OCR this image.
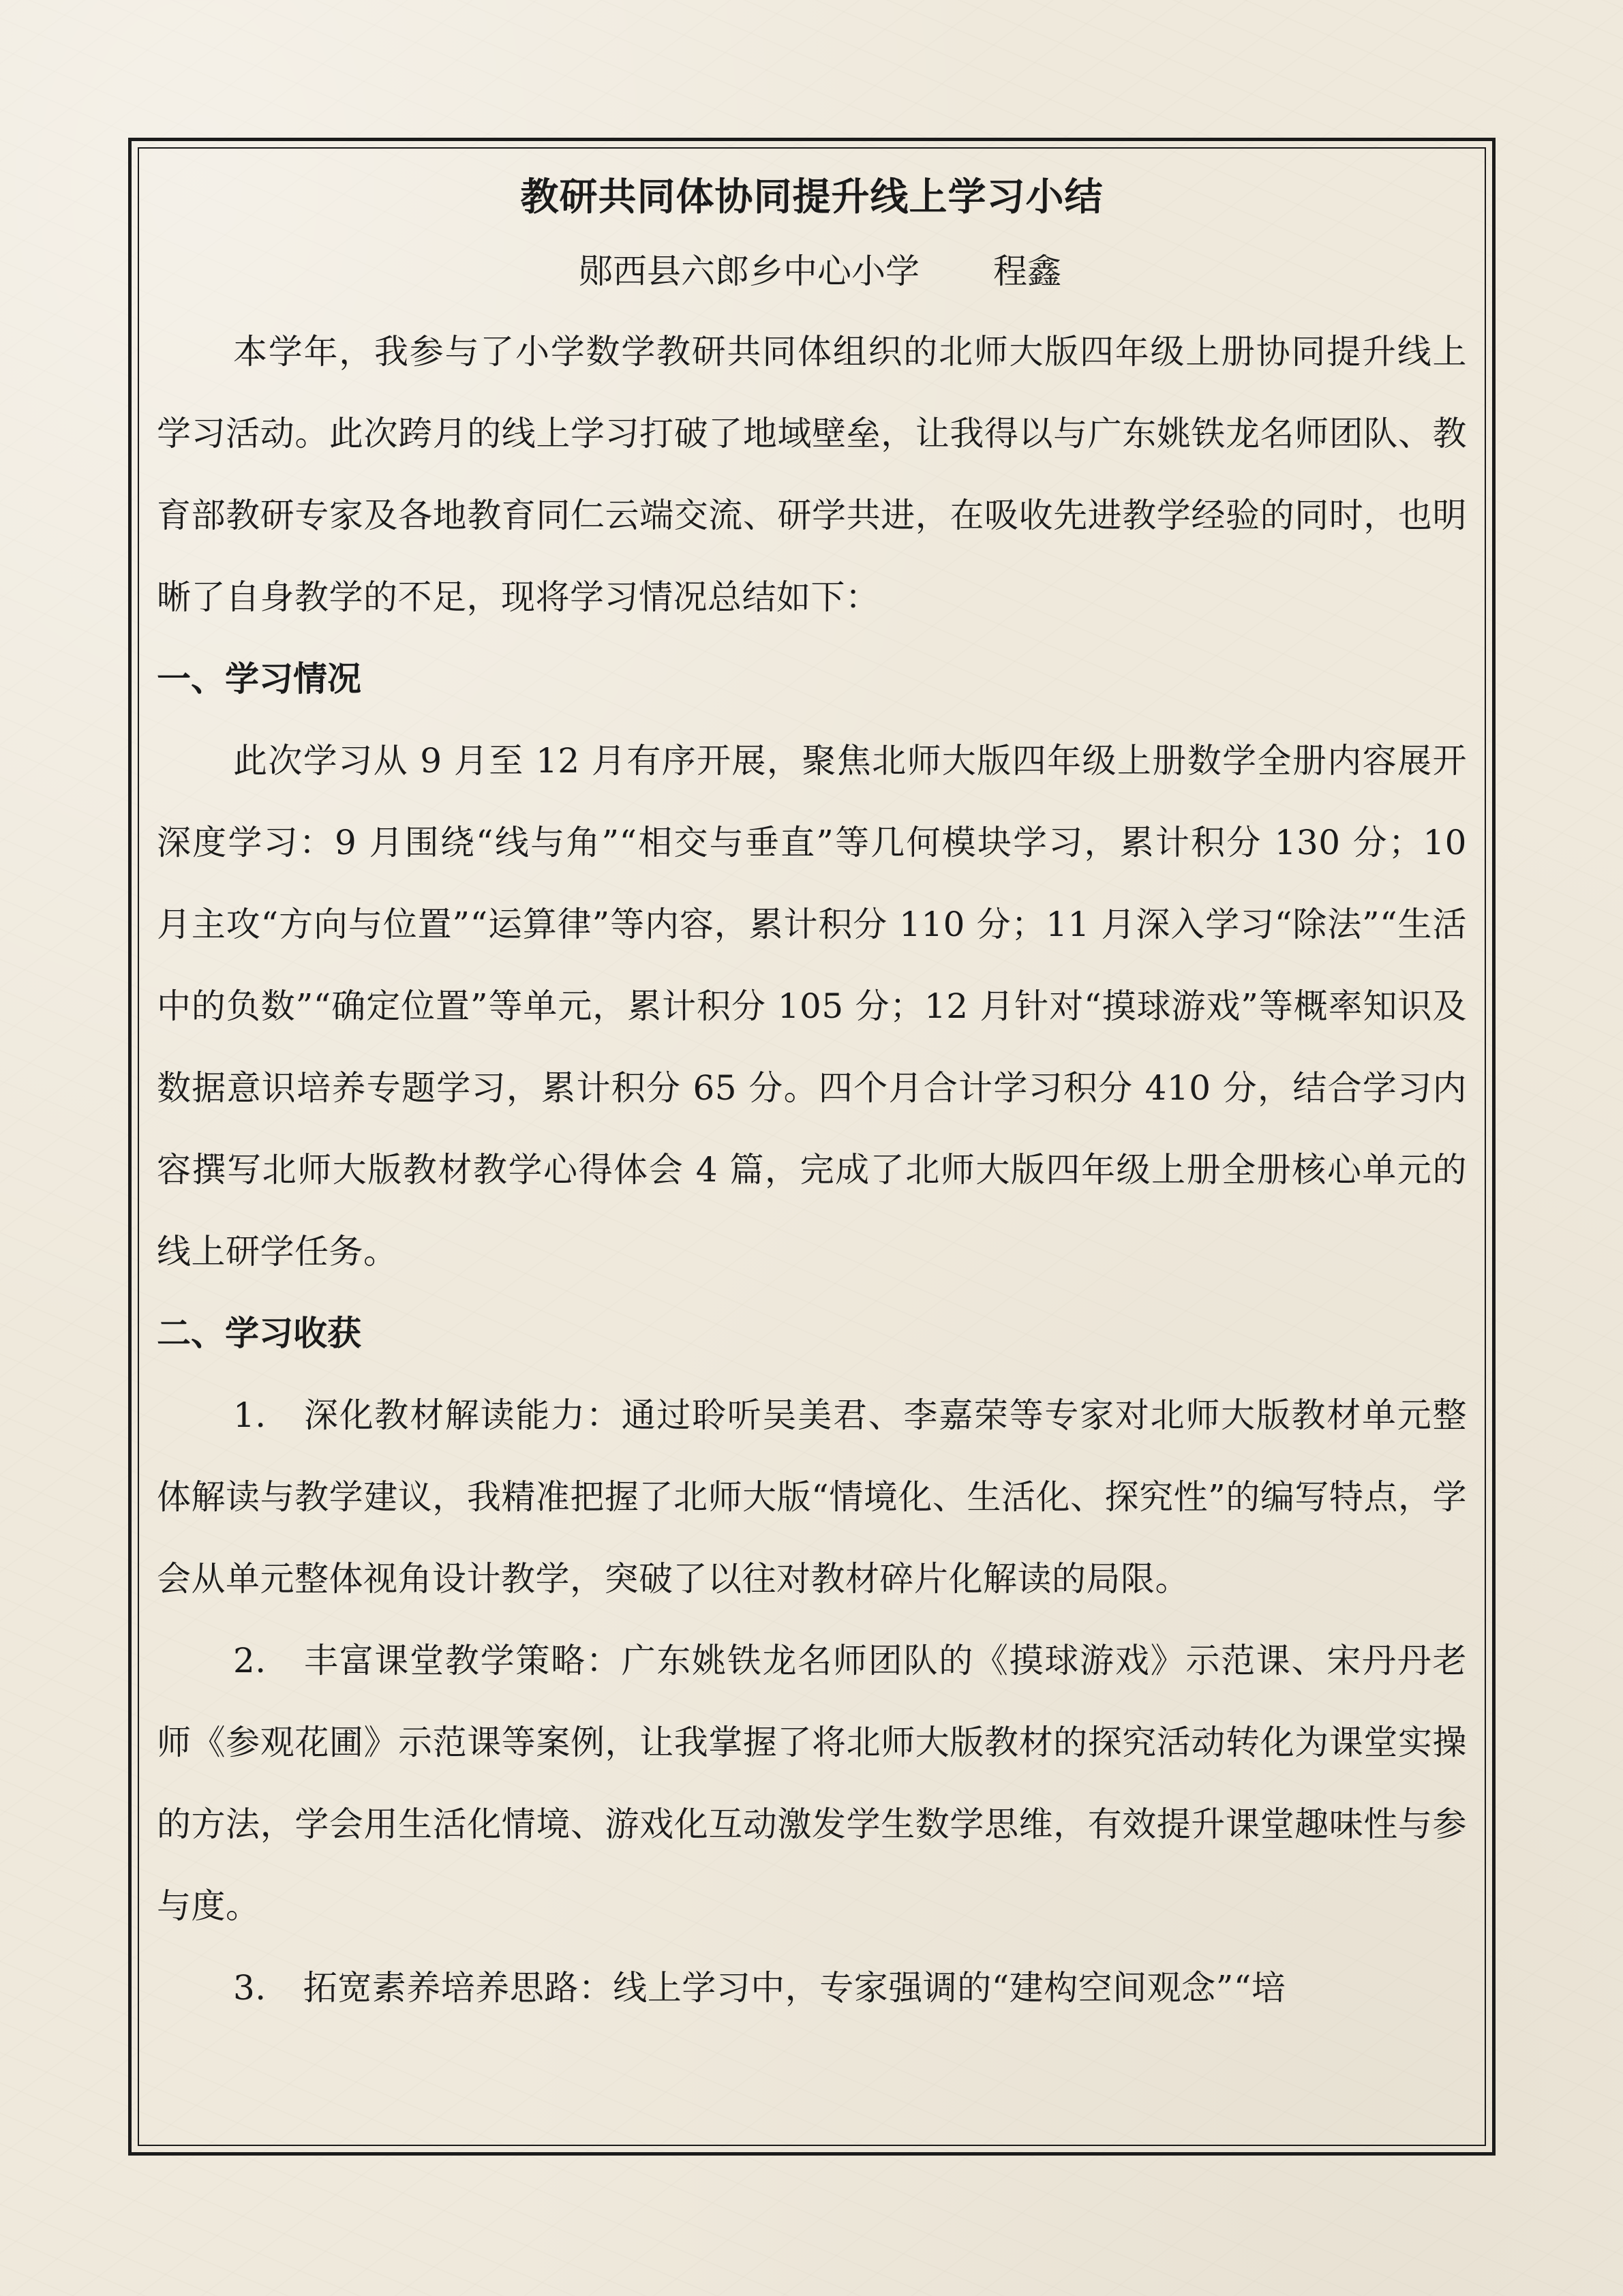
教研共同体协同提升线上学习小结

郧西县六郎乡中心小学 程鑫

本学年，我参与了小学数学教研共同体组织的北师大版四年级上册协同提升线上学习活动。此次跨月的线上学习打破了地域壁垒，让我得以与广东姚铁龙名师团队、教育部教研专家及各地教育同仁云端交流、研学共进，在吸收先进教学经验的同时，也明晰了自身教学的不足，现将学习情况总结如下：

一、学习情况

此次学习从 9 月至 12 月有序开展，聚焦北师大版四年级上册数学全册内容展开深度学习：9 月围绕“线与角”“相交与垂直”等几何模块学习，累计积分 130 分；10 月主攻“方向与位置”“运算律”等内容，累计积分 110 分；11 月深入学习“除法”“生活中的负数”“确定位置”等单元，累计积分 105 分；12 月针对“摸球游戏”等概率知识及数据意识培养专题学习，累计积分 65 分。四个月合计学习积分 410 分，结合学习内容撰写北师大版教材教学心得体会 4 篇，完成了北师大版四年级上册全册核心单元的线上研学任务。

二、学习收获

1. 深化教材解读能力：通过聆听吴美君、李嘉荣等专家对北师大版教材单元整体解读与教学建议，我精准把握了北师大版“情境化、生活化、探究性”的编写特点，学会从单元整体视角设计教学，突破了以往对教材碎片化解读的局限。

2. 丰富课堂教学策略：广东姚铁龙名师团队的《摸球游戏》示范课、宋丹丹老师《参观花圃》示范课等案例，让我掌握了将北师大版教材的探究活动转化为课堂实操的方法，学会用生活化情境、游戏化互动激发学生数学思维，有效提升课堂趣味性与参与度。

3. 拓宽素养培养思路：线上学习中，专家强调的“建构空间观念”“培
